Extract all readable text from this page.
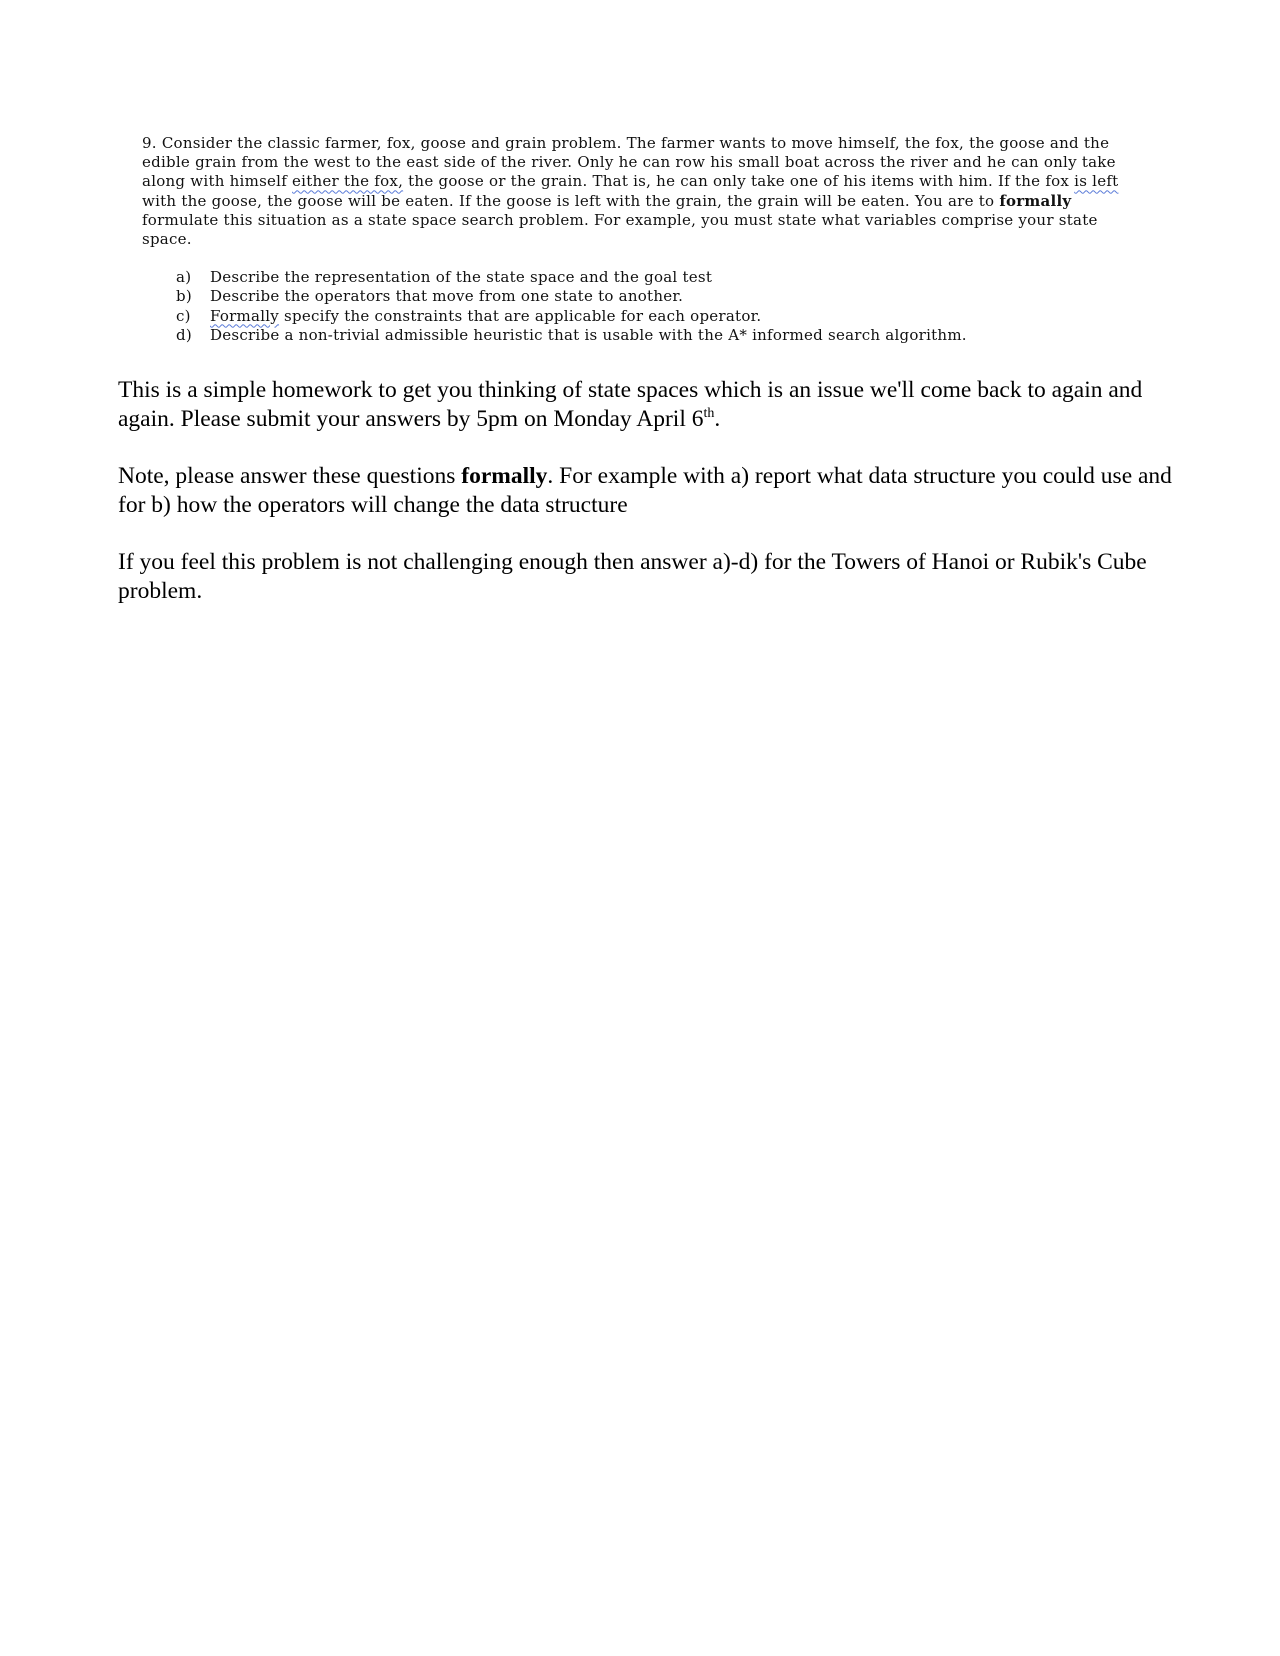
9. Consider the classic farmer, fox, goose and grain problem. The farmer wants to move himself, the fox, the goose and the edible grain from the west to the east side of the river. Only he can row his small boat across the river and he can only take along with himself either the fox, the goose or the grain. That is, he can only take one of his items with him. If the fox is left with the goose, the goose will be eaten. If the goose is left with the grain, the grain will be eaten. You are to formally formulate this situation as a state space search problem. For example, you must state what variables comprise your state space.

a)	Describe the representation of the state space and the goal test
b)	Describe the operators that move from one state to another.
c)	Formally specify the constraints that are applicable for each operator.
d)	Describe a non-trivial admissible heuristic that is usable with the A* informed search algorithm.

This is a simple homework to get you thinking of state spaces which is an issue we'll come back to again and again. Please submit your answers by 5pm on Monday April 6th.

Note, please answer these questions formally. For example with a) report what data structure you could use and for b) how the operators will change the data structure

If you feel this problem is not challenging enough then answer a)-d) for the Towers of Hanoi or Rubik's Cube problem.
